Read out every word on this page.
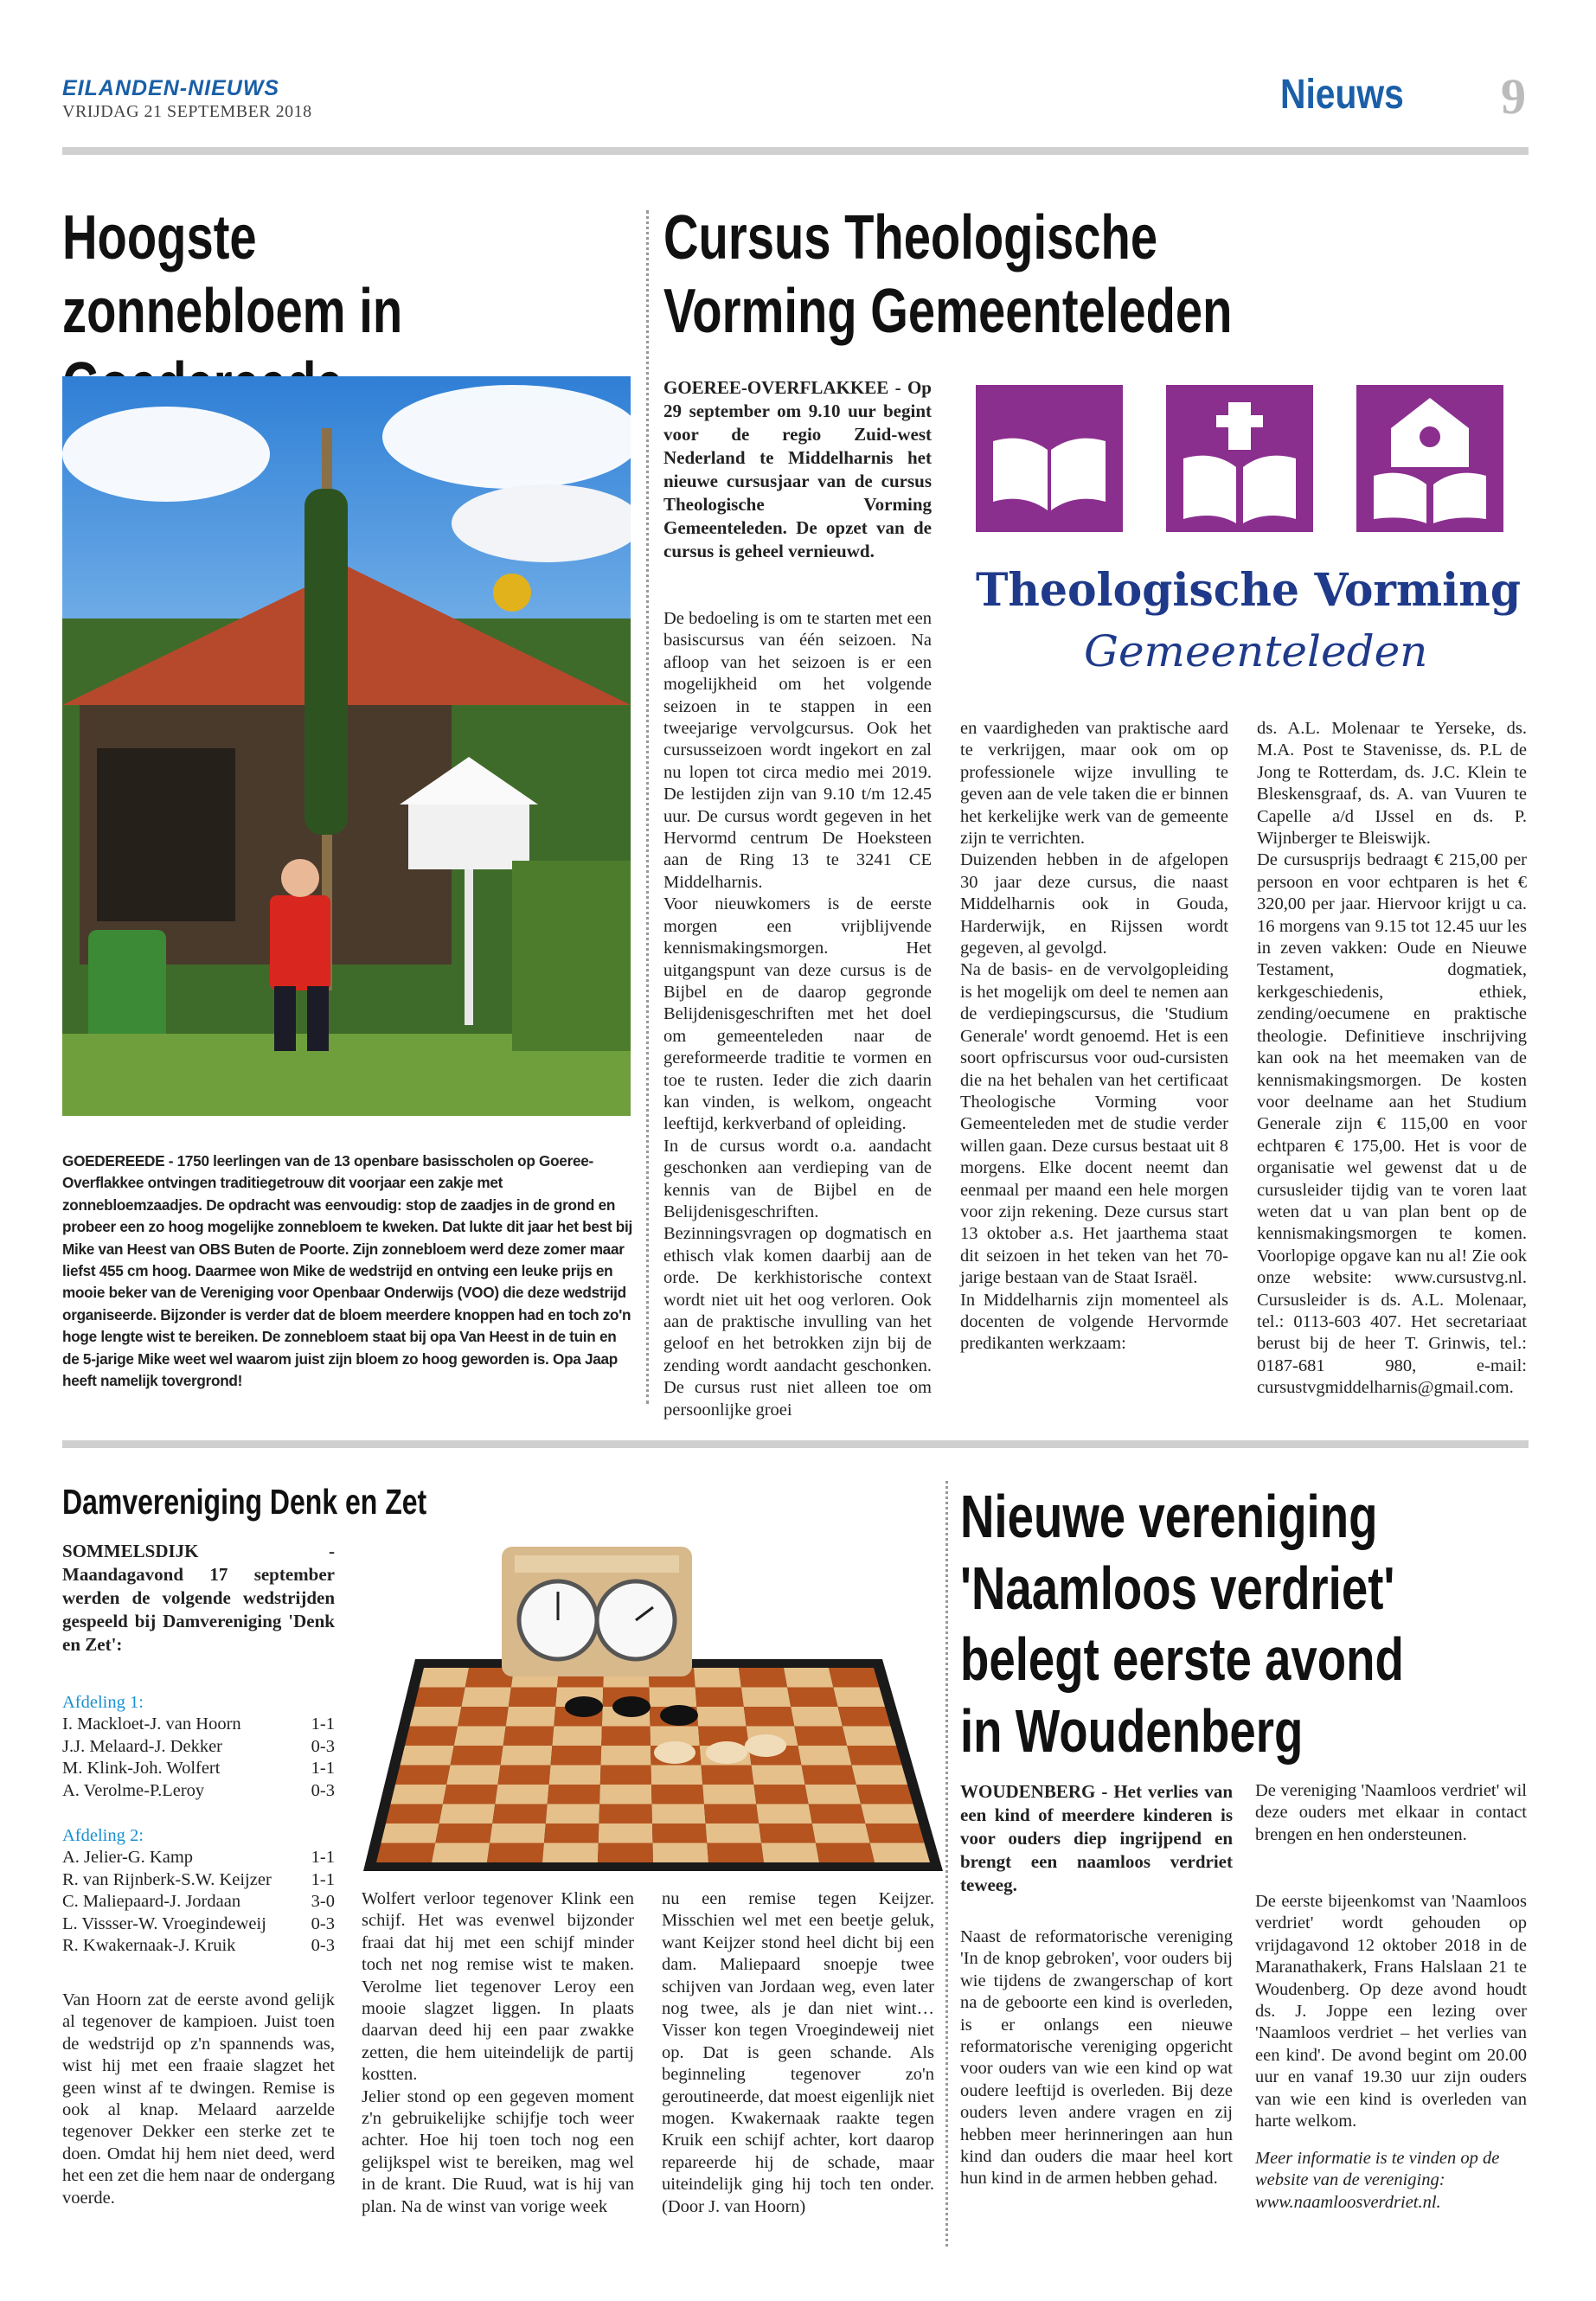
EILANDEN-NIEUWS
VRIJDAG 21 SEPTEMBER 2018	Nieuws 9
Hoogste zonnebloem in

GOEDEREEDE - 1750 leerlingen van de 13 openbare basisscholen op Goeree-Overflakkee ontvingen traditiegetrouw dit voorjaar een zakje met zonnebloemzaadjes. De opdracht was eenvoudig: stop de zaadjes in de grond en probeer een zo hoog mogelijke zonnebloem te kweken. Dat lukte dit jaar het best bij Mike van Heest van OBS Buten de Poorte. Zijn zonnebloem werd deze zomer maar liefst 455 cm hoog. Daarmee won Mike de wedstrijd en ontving een leuke prijs en mooie beker van de Vereniging voor Openbaar Onderwijs (VOO) die deze wedstrijd organiseerde. Bijzonder is verder dat de bloem meerdere knoppen had en toch zo'n hoge lengte wist te bereiken. De zonnebloem staat bij opa Van Heest in de tuin en de 5-jarige Mike weet wel waarom juist zijn bloem zo hoog geworden is. Opa Jaap heeft namelijk tovergrond!

Cursus Theologische Vorming Gemeenteleden

GOEREE-OVERFLAKKEE - Op 29 september om 9.10 uur begint voor de regio Zuid-west Nederland te Middelharnis het nieuwe cursusjaar van de cursus Theologische Vorming Gemeenteleden. De opzet van de cursus is geheel vernieuwd.

Theologische Vorming
Gemeenteleden

De bedoeling is om te starten met een basiscursus van één seizoen. Na afloop van het seizoen is er een mogelijkheid om het volgende seizoen in te stappen in een tweejarige vervolgcursus. Ook het cursusseizoen wordt ingekort en zal nu lopen tot circa medio mei 2019. De lestijden zijn van 9.10 t/m 12.45 uur. De cursus wordt gegeven in het Hervormd centrum De Hoeksteen aan de Ring 13 te 3241 CE Middelharnis.
Voor nieuwkomers is de eerste morgen een vrijblijvende kennismakingsmorgen. Het uitgangspunt van deze cursus is de Bijbel en de daarop gegronde Belijdenisgeschriften met het doel om gemeenteleden naar de gereformeerde traditie te vormen en toe te rusten. Ieder die zich daarin kan vinden, is welkom, ongeacht leeftijd, kerkverband of opleiding.
In de cursus wordt o.a. aandacht geschonken aan verdieping van de kennis van de Bijbel en de Belijdenisgeschriften. Bezinningsvragen op dogmatisch en ethisch vlak komen daarbij aan de orde. De kerkhistorische context wordt niet uit het oog verloren. Ook aan de praktische invulling van het geloof en het betrokken zijn bij de zending wordt aandacht geschonken. De cursus rust niet alleen toe om persoonlijke groei

en vaardigheden van praktische aard te verkrijgen, maar ook om op professionele wijze invulling te geven aan de vele taken die er binnen het kerkelijke werk van de gemeente zijn te verrichten.
Duizenden hebben in de afgelopen 30 jaar deze cursus, die naast Middelharnis ook in Gouda, Harderwijk, en Rijssen wordt gegeven, al gevolgd.
Na de basis- en de vervolgopleiding is het mogelijk om deel te nemen aan de verdiepingscursus, die 'Studium Generale' wordt genoemd. Het is een soort opfriscursus voor oud-cursisten die na het behalen van het certificaat Theologische Vorming voor Gemeenteleden met de studie verder willen gaan. Deze cursus bestaat uit 8 morgens. Elke docent neemt dan eenmaal per maand een hele morgen voor zijn rekening. Deze cursus start 13 oktober a.s. Het jaarthema staat dit seizoen in het teken van het 70-jarige bestaan van de Staat Israël.
In Middelharnis zijn momenteel als docenten de volgende Hervormde predikanten werkzaam:

ds. A.L. Molenaar te Yerseke, ds. M.A. Post te Stavenisse, ds. P.L de Jong te Rotterdam, ds. J.C. Klein te Bleskensgraaf, ds. A. van Vuuren te Capelle a/d IJssel en ds. P. Wijnberger te Bleiswijk.
De cursusprijs bedraagt € 215,00 per persoon en voor echtparen is het € 320,00 per jaar. Hiervoor krijgt u ca. 16 morgens van 9.15 tot 12.45 uur les in zeven vakken: Oude en Nieuwe Testament, dogmatiek, kerkgeschiedenis, ethiek, zending/oecumene en praktische theologie. Definitieve inschrijving kan ook na het meemaken van de kennismakingsmorgen. De kosten voor deelname aan het Studium Generale zijn € 115,00 en voor echtparen € 175,00. Het is voor de organisatie wel gewenst dat u de cursusleider tijdig van te voren laat weten dat u van plan bent op de kennismakingsmorgen te komen. Voorlopige opgave kan nu al! Zie ook onze website: www.cursustvg.nl. Cursusleider is ds. A.L. Molenaar, tel.: 0113-603 407. Het secretariaat berust bij de heer T. Grinwis, tel.: 0187-681 980, e-mail: cursustvgmiddelharnis@gmail.com.

Damvereniging Denk en Zet

SOMMELSDIJK - Maandagavond 17 september werden de volgende wedstrijden gespeeld bij Damvereniging 'Denk en Zet':

Afdeling 1:
I. Mackloet-J. van Hoorn	1-1
J.J. Melaard-J. Dekker	0-3
M. Klink-Joh. Wolfert	1-1
A. Verolme-P.Leroy	0-3
Afdeling 2:
A. Jelier-G. Kamp	1-1
R. van Rijnberk-S.W. Keijzer 1-1
C. Maliepaard-J. Jordaan	3-0
L. Vissser-W. Vroegindeweij	0-3
R. Kwakernaak-J. Kruik	0-3

Van Hoorn zat de eerste avond gelijk al tegenover de kampioen. Juist toen de wedstrijd op z'n spannends was, wist hij met een fraaie slagzet het geen winst af te dwingen. Remise is ook al knap. Melaard aarzelde tegenover Dekker een sterke zet te doen. Omdat hij hem niet deed, werd het een zet die hem naar de ondergang voerde.

Wolfert verloor tegenover Klink een schijf. Het was evenwel bijzonder fraai dat hij met een schijf minder toch net nog remise wist te maken. Verolme liet tegenover Leroy een mooie slagzet liggen. In plaats daarvan deed hij een paar zwakke zetten, die hem uiteindelijk de partij kostten.
Jelier stond op een gegeven moment z'n gebruikelijke schijfje toch weer achter. Hoe hij toen toch nog een gelijkspel wist te bereiken, mag wel in de krant. Die Ruud, wat is hij van plan. Na de winst van vorige week

nu een remise tegen Keijzer. Misschien wel met een beetje geluk, want Keijzer stond heel dicht bij een dam. Maliepaard snoepje twee schijven van Jordaan weg, even later nog twee, als je dan niet wint… Visser kon tegen Vroegindeweij niet op. Dat is geen schande. Als beginneling tegenover zo'n geroutineerde, dat moest eigenlijk niet mogen. Kwakernaak raakte tegen Kruik een schijf achter, kort daarop repareerde hij de schade, maar uiteindelijk ging hij toch ten onder. (Door J. van Hoorn)

Nieuwe vereniging 'Naamloos verdriet' belegt eerste avond in Woudenberg

WOUDENBERG - Het verlies van een kind of meerdere kinderen is voor ouders diep ingrijpend en brengt een naamloos verdriet teweeg.

Naast de reformatorische vereniging 'In de knop gebroken', voor ouders bij wie tijdens de zwangerschap of kort na de geboorte een kind is overleden, is er onlangs een nieuwe reformatorische vereniging opgericht voor ouders van wie een kind op wat oudere leeftijd is overleden. Bij deze ouders leven andere vragen en zij hebben meer herinneringen aan hun kind dan ouders die maar heel kort hun kind in de armen hebben gehad.

De vereniging 'Naamloos verdriet' wil deze ouders met elkaar in contact brengen en hen ondersteunen.

De eerste bijeenkomst van 'Naamloos verdriet' wordt gehouden op vrijdagavond 12 oktober 2018 in de Maranathakerk, Frans Halslaan 21 te Woudenberg. Op deze avond houdt ds. J. Joppe een lezing over 'Naamloos verdriet – het verlies van een kind'. De avond begint om 20.00 uur en vanaf 19.30 uur zijn ouders van wie een kind is overleden van harte welkom.

Meer informatie is te vinden op de website van de vereniging: www.naamloosverdriet.nl.
